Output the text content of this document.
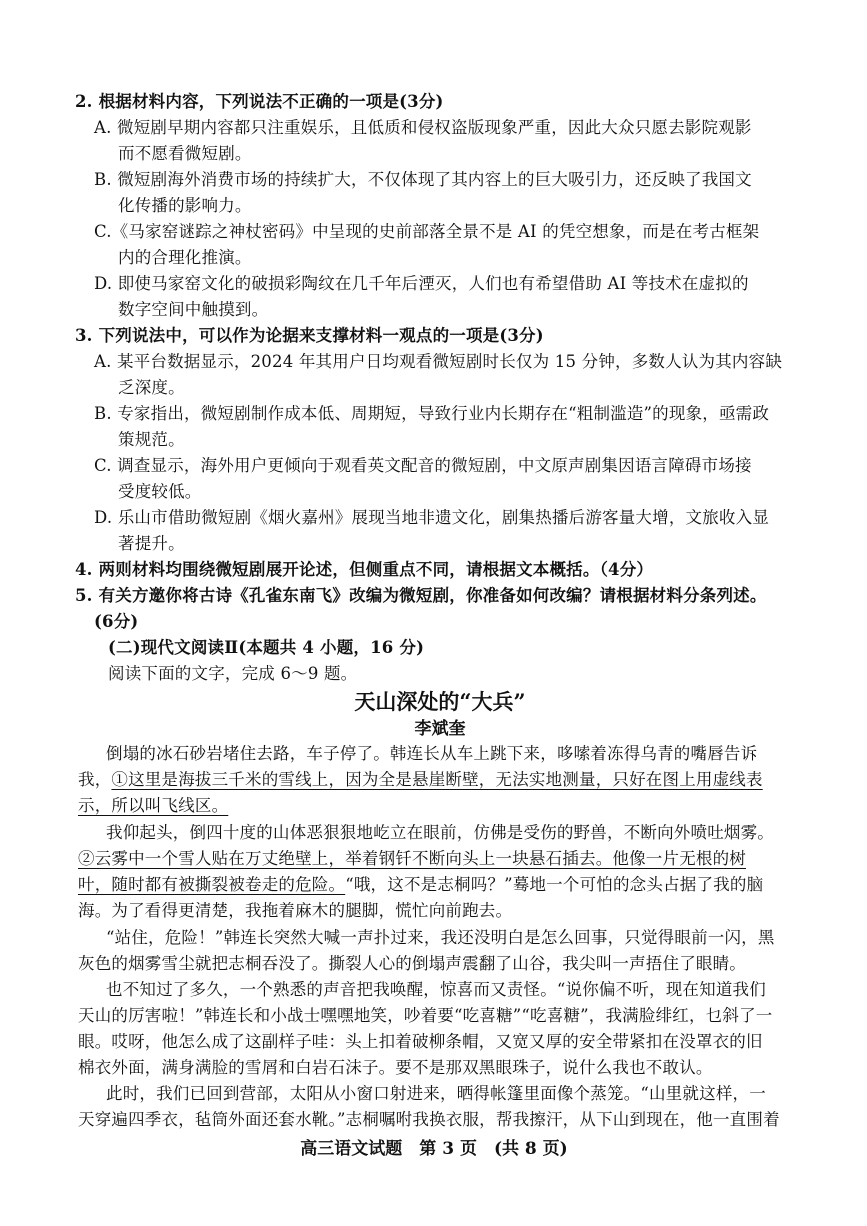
2. 根据材料内容，下列说法不正确的一项是(3分)
A. 微短剧早期内容都只注重娱乐，且低质和侵权盗版现象严重，因此大众只愿去影院观影
而不愿看微短剧。
B. 微短剧海外消费市场的持续扩大，不仅体现了其内容上的巨大吸引力，还反映了我国文
化传播的影响力。
C.《马家窑谜踪之神杖密码》中呈现的史前部落全景不是 AI 的凭空想象，而是在考古框架
内的合理化推演。
D. 即使马家窑文化的破损彩陶纹在几千年后湮灭，人们也有希望借助 AI 等技术在虚拟的
数字空间中触摸到。
3. 下列说法中，可以作为论据来支撑材料一观点的一项是(3分)
A. 某平台数据显示，2024 年其用户日均观看微短剧时长仅为 15 分钟，多数人认为其内容缺
乏深度。
B. 专家指出，微短剧制作成本低、周期短，导致行业内长期存在“粗制滥造”的现象，亟需政
策规范。
C. 调查显示，海外用户更倾向于观看英文配音的微短剧，中文原声剧集因语言障碍市场接
受度较低。
D. 乐山市借助微短剧《烟火嘉州》展现当地非遗文化，剧集热播后游客量大增，文旅收入显
著提升。
4. 两则材料均围绕微短剧展开论述，但侧重点不同，请根据文本概括。（4分）
5. 有关方邀你将古诗《孔雀东南飞》改编为微短剧，你准备如何改编？请根据材料分条列述。
(6分)
(二)现代文阅读Ⅱ(本题共 4 小题，16 分)
阅读下面的文字，完成 6～9 题。
天山深处的“大兵”
李斌奎
倒塌的冰石砂岩堵住去路，车子停了。韩连长从车上跳下来，哆嗦着冻得乌青的嘴唇告诉
我，①这里是海拔三千米的雪线上，因为全是悬崖断壁，无法实地测量，只好在图上用虚线表
示，所以叫飞线区。
我仰起头，倒四十度的山体恶狠狠地屹立在眼前，仿佛是受伤的野兽，不断向外喷吐烟雾。
②云雾中一个雪人贴在万丈绝壁上，举着钢钎不断向头上一块悬石插去。他像一片无根的树
叶，随时都有被撕裂被卷走的危险。“哦，这不是志桐吗？”蓦地一个可怕的念头占据了我的脑
海。为了看得更清楚，我拖着麻木的腿脚，慌忙向前跑去。
“站住，危险！”韩连长突然大喊一声扑过来，我还没明白是怎么回事，只觉得眼前一闪，黑
灰色的烟雾雪尘就把志桐吞没了。撕裂人心的倒塌声震翻了山谷，我尖叫一声捂住了眼睛。
也不知过了多久，一个熟悉的声音把我唤醒，惊喜而又责怪。“说你偏不听，现在知道我们
天山的厉害啦！”韩连长和小战士嘿嘿地笑，吵着要“吃喜糖”“吃喜糖”，我满脸绯红，乜斜了一
眼。哎呀，他怎么成了这副样子哇：头上扣着破柳条帽，又宽又厚的安全带紧扣在没罩衣的旧
棉衣外面，满身满脸的雪屑和白岩石沫子。要不是那双黑眼珠子，说什么我也不敢认。
此时，我们已回到营部，太阳从小窗口射进来，晒得帐篷里面像个蒸笼。“山里就这样，一
天穿遍四季衣，毡筒外面还套水靴。”志桐嘱咐我换衣服，帮我擦汗，从下山到现在，他一直围着
高三语文试题　第 3 页　(共 8 页)
